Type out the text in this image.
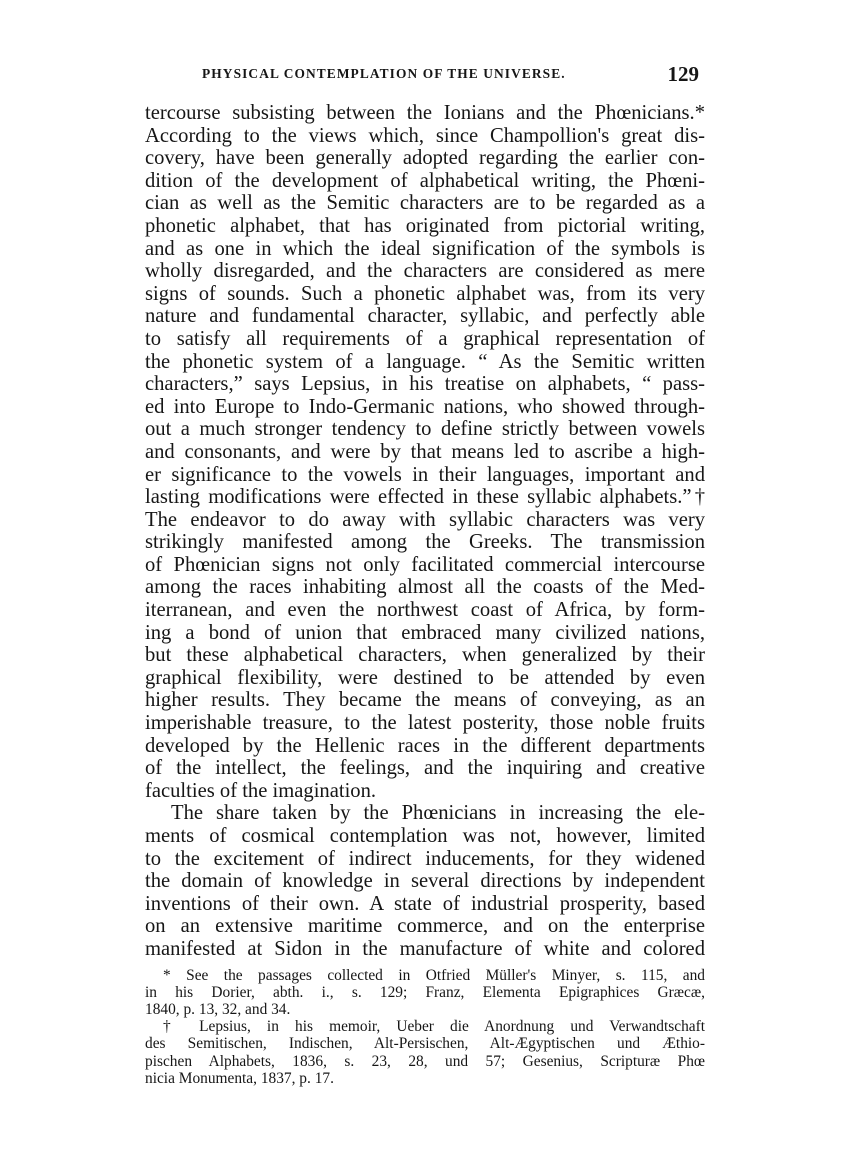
PHYSICAL CONTEMPLATION OF THE UNIVERSE.	129
tercourse subsisting between the Ionians and the Phœnicians.*
According to the views which, since Champollion's great dis-
covery, have been generally adopted regarding the earlier con-
dition of the development of alphabetical writing, the Phœni-
cian as well as the Semitic characters are to be regarded as a
phonetic alphabet, that has originated from pictorial writing,
and as one in which the ideal signification of the symbols is
wholly disregarded, and the characters are considered as mere
signs of sounds. Such a phonetic alphabet was, from its very
nature and fundamental character, syllabic, and perfectly able
to satisfy all requirements of a graphical representation of
the phonetic system of a language. “ As the Semitic written
characters,” says Lepsius, in his treatise on alphabets, “ pass-
ed into Europe to Indo-Germanic nations, who showed through-
out a much stronger tendency to define strictly between vowels
and consonants, and were by that means led to ascribe a high-
er significance to the vowels in their languages, important and
lasting modifications were effected in these syllabic alphabets.”†
The endeavor to do away with syllabic characters was very
strikingly manifested among the Greeks. The transmission
of Phœnician signs not only facilitated commercial intercourse
among the races inhabiting almost all the coasts of the Med-
iterranean, and even the northwest coast of Africa, by form-
ing a bond of union that embraced many civilized nations,
but these alphabetical characters, when generalized by their
graphical flexibility, were destined to be attended by even
higher results. They became the means of conveying, as an
imperishable treasure, to the latest posterity, those noble fruits
developed by the Hellenic races in the different departments
of the intellect, the feelings, and the inquiring and creative
faculties of the imagination.
The share taken by the Phœnicians in increasing the ele-
ments of cosmical contemplation was not, however, limited
to the excitement of indirect inducements, for they widened
the domain of knowledge in several directions by independent
inventions of their own. A state of industrial prosperity, based
on an extensive maritime commerce, and on the enterprise
manifested at Sidon in the manufacture of white and colored
* See the passages collected in Otfried Müller's Minyer, s. 115, and
in his Dorier, abth. i., s. 129; Franz, Elementa Epigraphices Græcæ,
1840, p. 13, 32, and 34.
† Lepsius, in his memoir, Ueber die Anordnung und Verwandtschaft
des Semitischen, Indischen, Alt-Persischen, Alt-Ægyptischen und Æthio-
pischen Alphabets, 1836, s. 23, 28, und 57; Gesenius, Scripturæ Phœ
nicia Monumenta, 1837, p. 17.
